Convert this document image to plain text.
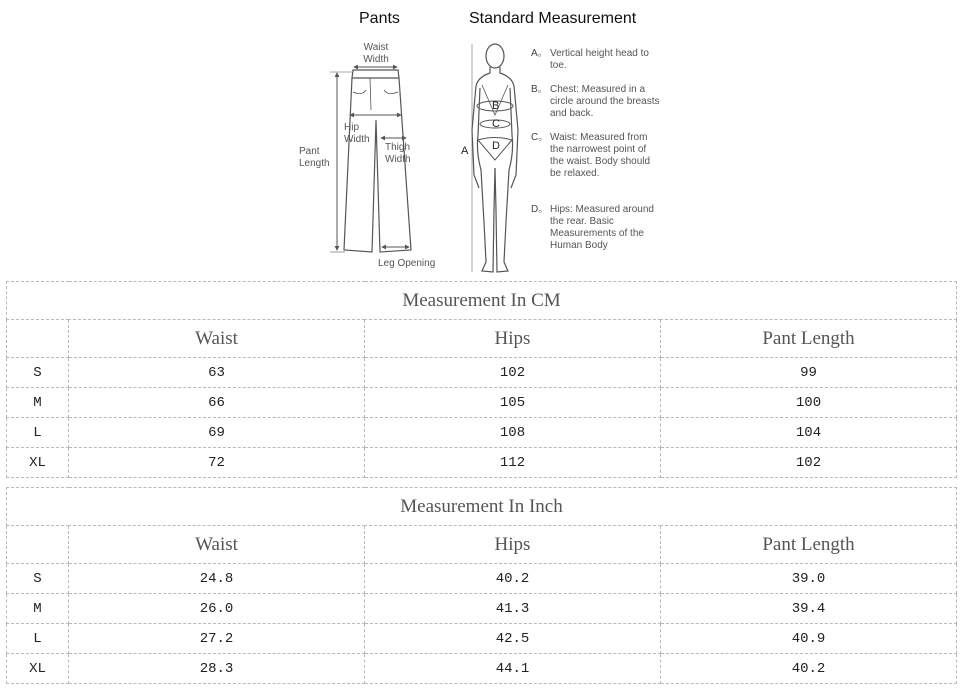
Pants	Standard Measurement
Waist
Width
Hip
Width
Thigh
Width
Pant
Length
Leg Opening
A
B
C
D
A。 Vertical height head to toe.
B。 Chest: Measured in a circle around the breasts and back.
C。 Waist: Measured from the narrowest point of the waist. Body should be relaxed.
D。 Hips: Measured around the rear. Basic Measurements of the Human Body
Measurement In CM			
	Waist	Hips	Pant Length
S	63	102	99
M	66	105	100
L	69	108	104
XL	72	112	102
Measurement In Inch			
	Waist	Hips	Pant Length
S	24.8	40.2	39.0
M	26.0	41.3	39.4
L	27.2	42.5	40.9
XL	28.3	44.1	40.2
